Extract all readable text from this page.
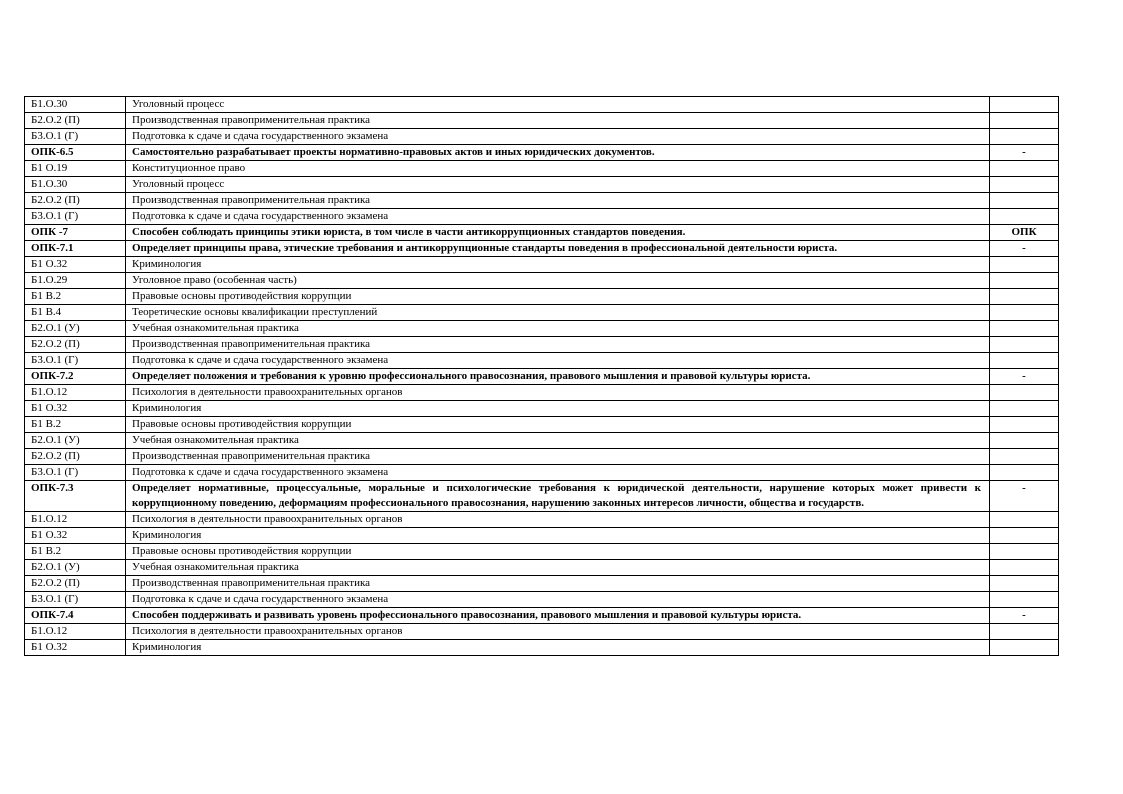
Б1.О.30	Уголовный процесс	
Б2.О.2 (П)	Производственная правоприменительная практика	
Б3.О.1 (Г)	Подготовка к сдаче и сдача государственного экзамена	
ОПК-6.5	Самостоятельно разрабатывает проекты нормативно-правовых актов и иных юридических документов.	-
Б1 О.19	Конституционное право	
Б1.О.30	Уголовный процесс	
Б2.О.2 (П)	Производственная правоприменительная практика	
Б3.О.1 (Г)	Подготовка к сдаче и сдача государственного экзамена	
ОПК -7	Способен соблюдать принципы этики юриста, в том числе в части антикоррупционных стандартов поведения.	ОПК
ОПК-7.1	Определяет принципы права, этические требования и антикоррупционные стандарты поведения в профессиональной деятельности юриста.	-
Б1 О.32	Криминология	
Б1.О.29	Уголовное право (особенная часть)	
Б1 В.2	Правовые основы противодействия коррупции	
Б1 В.4	Теоретические основы квалификации преступлений	
Б2.О.1 (У)	Учебная ознакомительная практика	
Б2.О.2 (П)	Производственная правоприменительная практика	
Б3.О.1 (Г)	Подготовка к сдаче и сдача государственного экзамена	
ОПК-7.2	Определяет положения и требования к уровню профессионального правосознания, правового мышления и правовой культуры юриста.	-
Б1.О.12	Психология в деятельности правоохранительных органов	
Б1 О.32	Криминология	
Б1 В.2	Правовые основы противодействия коррупции	
Б2.О.1 (У)	Учебная ознакомительная практика	
Б2.О.2 (П)	Производственная правоприменительная практика	
Б3.О.1 (Г)	Подготовка к сдаче и сдача государственного экзамена	
ОПК-7.3	Определяет нормативные, процессуальные, моральные и психологические требования к юридической деятельности, нарушение которых может привести к коррупционному поведению, деформациям профессионального правосознания, нарушению законных интересов личности, общества и государств.	-
Б1.О.12	Психология в деятельности правоохранительных органов	
Б1 О.32	Криминология	
Б1 В.2	Правовые основы противодействия коррупции	
Б2.О.1 (У)	Учебная ознакомительная практика	
Б2.О.2 (П)	Производственная правоприменительная практика	
Б3.О.1 (Г)	Подготовка к сдаче и сдача государственного экзамена	
ОПК-7.4	Способен поддерживать и развивать уровень профессионального правосознания, правового мышления и правовой культуры юриста.	-
Б1.О.12	Психология в деятельности правоохранительных органов	
Б1 О.32	Криминология	
